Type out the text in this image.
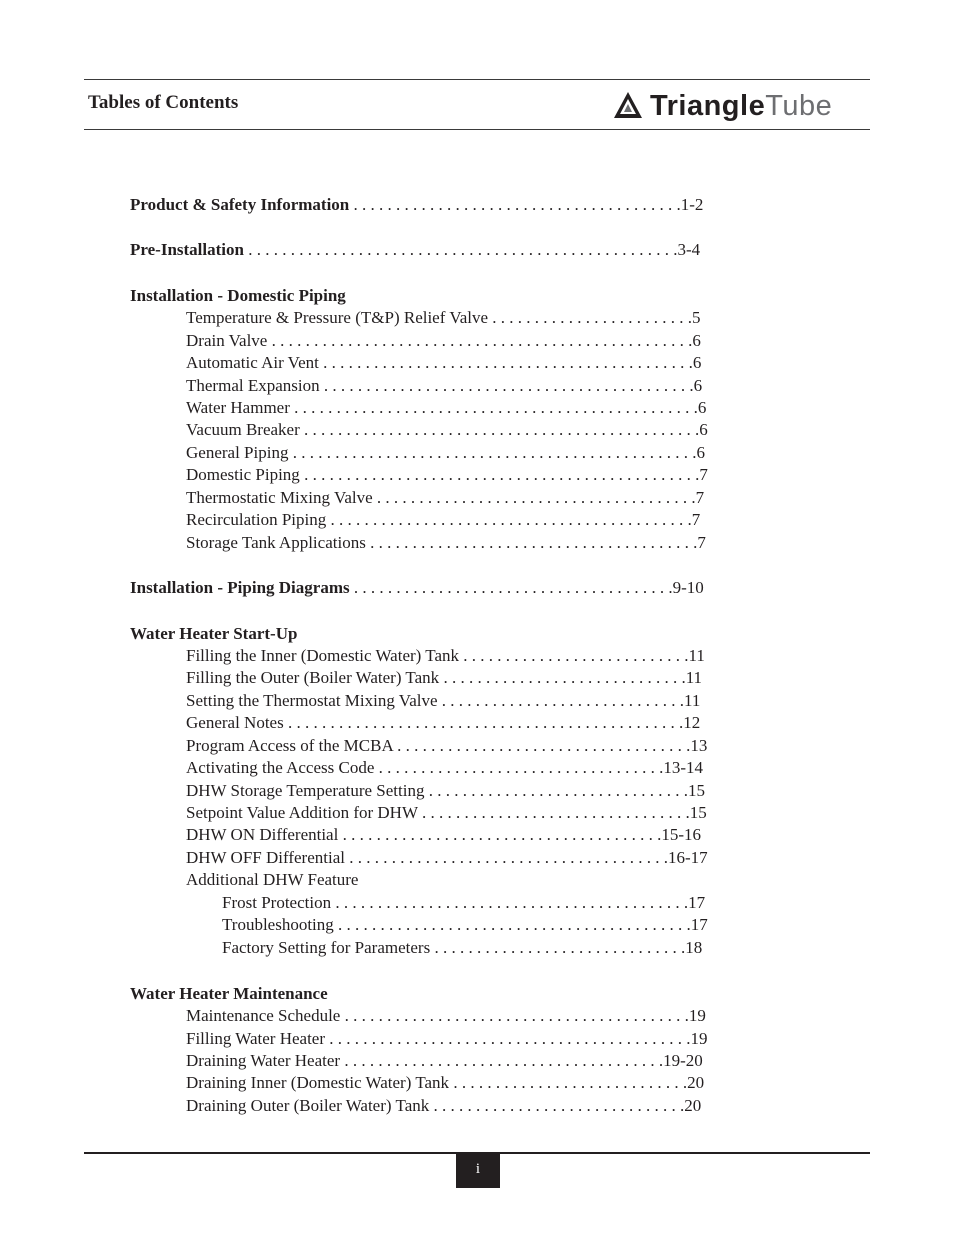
Tables of Contents	TriangleTube
Product & Safety Information . . . . . . . . . . . . . . . . . . . . . . . . . . . . . . . . . . . . . . .1-2
Pre-Installation . . . . . . . . . . . . . . . . . . . . . . . . . . . . . . . . . . . . . . . . . . . . . . . . . . .3-4
Installation - Domestic Piping
Temperature & Pressure (T&P) Relief Valve . . . . . . . . . . . . . . . . . . . . . . . .5
Drain Valve . . . . . . . . . . . . . . . . . . . . . . . . . . . . . . . . . . . . . . . . . . . . . . . . . .6
Automatic Air Vent . . . . . . . . . . . . . . . . . . . . . . . . . . . . . . . . . . . . . . . . . . . .6
Thermal Expansion . . . . . . . . . . . . . . . . . . . . . . . . . . . . . . . . . . . . . . . . . . . .6
Water Hammer . . . . . . . . . . . . . . . . . . . . . . . . . . . . . . . . . . . . . . . . . . . . . . . .6
Vacuum Breaker . . . . . . . . . . . . . . . . . . . . . . . . . . . . . . . . . . . . . . . . . . . . . . .6
General Piping . . . . . . . . . . . . . . . . . . . . . . . . . . . . . . . . . . . . . . . . . . . . . . . .6
Domestic Piping . . . . . . . . . . . . . . . . . . . . . . . . . . . . . . . . . . . . . . . . . . . . . . .7
Thermostatic Mixing Valve . . . . . . . . . . . . . . . . . . . . . . . . . . . . . . . . . . . . . .7
Recirculation Piping . . . . . . . . . . . . . . . . . . . . . . . . . . . . . . . . . . . . . . . . . . .7
Storage Tank Applications . . . . . . . . . . . . . . . . . . . . . . . . . . . . . . . . . . . . . . .7
Installation - Piping Diagrams . . . . . . . . . . . . . . . . . . . . . . . . . . . . . . . . . . . . . .9-10
Water Heater Start-Up
Filling the Inner (Domestic Water) Tank . . . . . . . . . . . . . . . . . . . . . . . . . . .11
Filling the Outer (Boiler Water) Tank . . . . . . . . . . . . . . . . . . . . . . . . . . . . .11
Setting the Thermostat Mixing Valve . . . . . . . . . . . . . . . . . . . . . . . . . . . . .11
General Notes . . . . . . . . . . . . . . . . . . . . . . . . . . . . . . . . . . . . . . . . . . . . . . .12
Program Access of the MCBA . . . . . . . . . . . . . . . . . . . . . . . . . . . . . . . . . . .13
Activating the Access Code . . . . . . . . . . . . . . . . . . . . . . . . . . . . . . . . . .13-14
DHW Storage Temperature Setting . . . . . . . . . . . . . . . . . . . . . . . . . . . . . . .15
Setpoint Value Addition for DHW . . . . . . . . . . . . . . . . . . . . . . . . . . . . . . . .15
DHW ON Differential . . . . . . . . . . . . . . . . . . . . . . . . . . . . . . . . . . . . . .15-16
DHW OFF Differential . . . . . . . . . . . . . . . . . . . . . . . . . . . . . . . . . . . . . .16-17
Additional DHW Feature
Frost Protection . . . . . . . . . . . . . . . . . . . . . . . . . . . . . . . . . . . . . . . . . .17
Troubleshooting . . . . . . . . . . . . . . . . . . . . . . . . . . . . . . . . . . . . . . . . . .17
Factory Setting for Parameters . . . . . . . . . . . . . . . . . . . . . . . . . . . . . .18
Water Heater Maintenance
Maintenance Schedule . . . . . . . . . . . . . . . . . . . . . . . . . . . . . . . . . . . . . . . . .19
Filling Water Heater . . . . . . . . . . . . . . . . . . . . . . . . . . . . . . . . . . . . . . . . . . .19
Draining Water Heater . . . . . . . . . . . . . . . . . . . . . . . . . . . . . . . . . . . . . .19-20
Draining Inner (Domestic Water) Tank . . . . . . . . . . . . . . . . . . . . . . . . . . . .20
Draining Outer (Boiler Water) Tank . . . . . . . . . . . . . . . . . . . . . . . . . . . . . .20
i
